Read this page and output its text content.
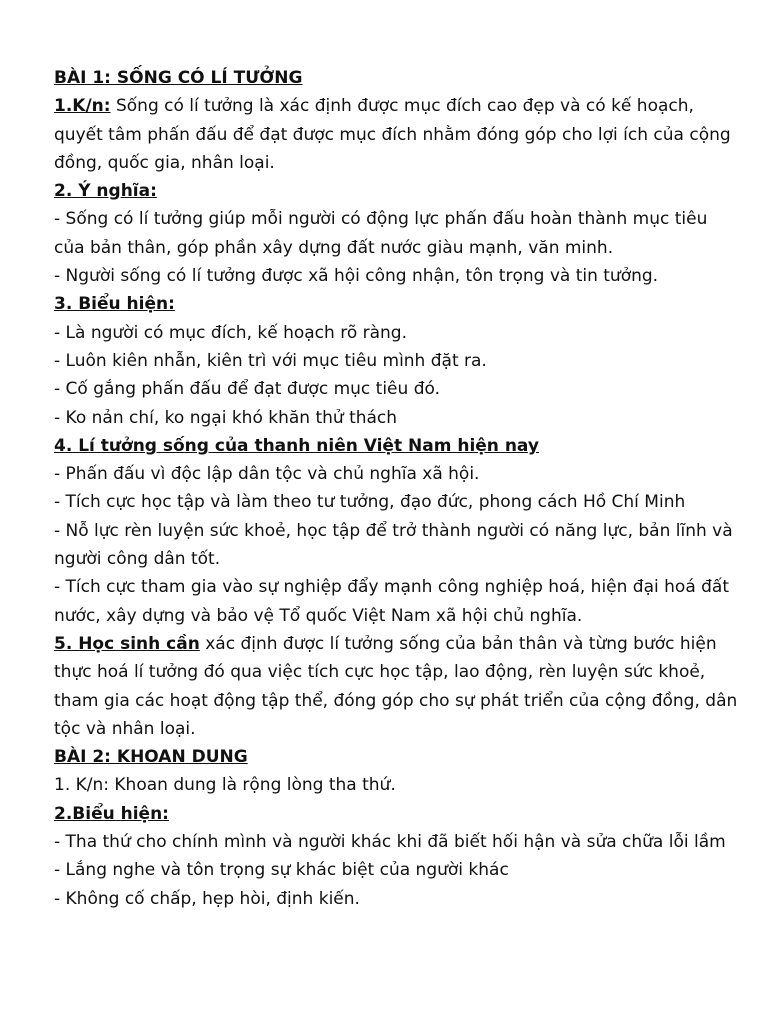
BÀI 1: SỐNG CÓ LÍ TƯỞNG
1.K/n: Sống có lí tưởng là xác định được mục đích cao đẹp và có kế hoạch,
quyết tâm phấn đấu để đạt được mục đích nhằm đóng góp cho lợi ích của cộng
đồng, quốc gia, nhân loại.
2. Ý nghĩa:
- Sống có lí tưởng giúp mỗi người có động lực phấn đấu hoàn thành mục tiêu
của bản thân, góp phần xây dựng đất nước giàu mạnh, văn minh.
- Người sống có lí tưởng được xã hội công nhận, tôn trọng và tin tưởng.
3. Biểu hiện:
- Là người có mục đích, kế hoạch rõ ràng.
- Luôn kiên nhẫn, kiên trì với mục tiêu mình đặt ra.
- Cố gắng phấn đấu để đạt được mục tiêu đó.
- Ko nản chí, ko ngại khó khăn thử thách
4. Lí tưởng sống của thanh niên Việt Nam hiện nay
- Phấn đấu vì độc lập dân tộc và chủ nghĩa xã hội.
- Tích cực học tập và làm theo tư tưởng, đạo đức, phong cách Hồ Chí Minh
- Nỗ lực rèn luyện sức khoẻ, học tập để trở thành người có năng lực, bản lĩnh và
người công dân tốt.
- Tích cực tham gia vào sự nghiệp đẩy mạnh công nghiệp hoá, hiện đại hoá đất
nước, xây dựng và bảo vệ Tổ quốc Việt Nam xã hội chủ nghĩa.
5. Học sinh cần xác định được lí tưởng sống của bản thân và từng bước hiện
thực hoá lí tưởng đó qua việc tích cực học tập, lao động, rèn luyện sức khoẻ,
tham gia các hoạt động tập thể, đóng góp cho sự phát triển của cộng đồng, dân
tộc và nhân loại.
BÀI 2: KHOAN DUNG
1. K/n: Khoan dung là rộng lòng tha thứ.
2.Biểu hiện:
- Tha thứ cho chính mình và người khác khi đã biết hối hận và sửa chữa lỗi lầm
- Lắng nghe và tôn trọng sự khác biệt của người khác
- Không cố chấp, hẹp hòi, định kiến.
